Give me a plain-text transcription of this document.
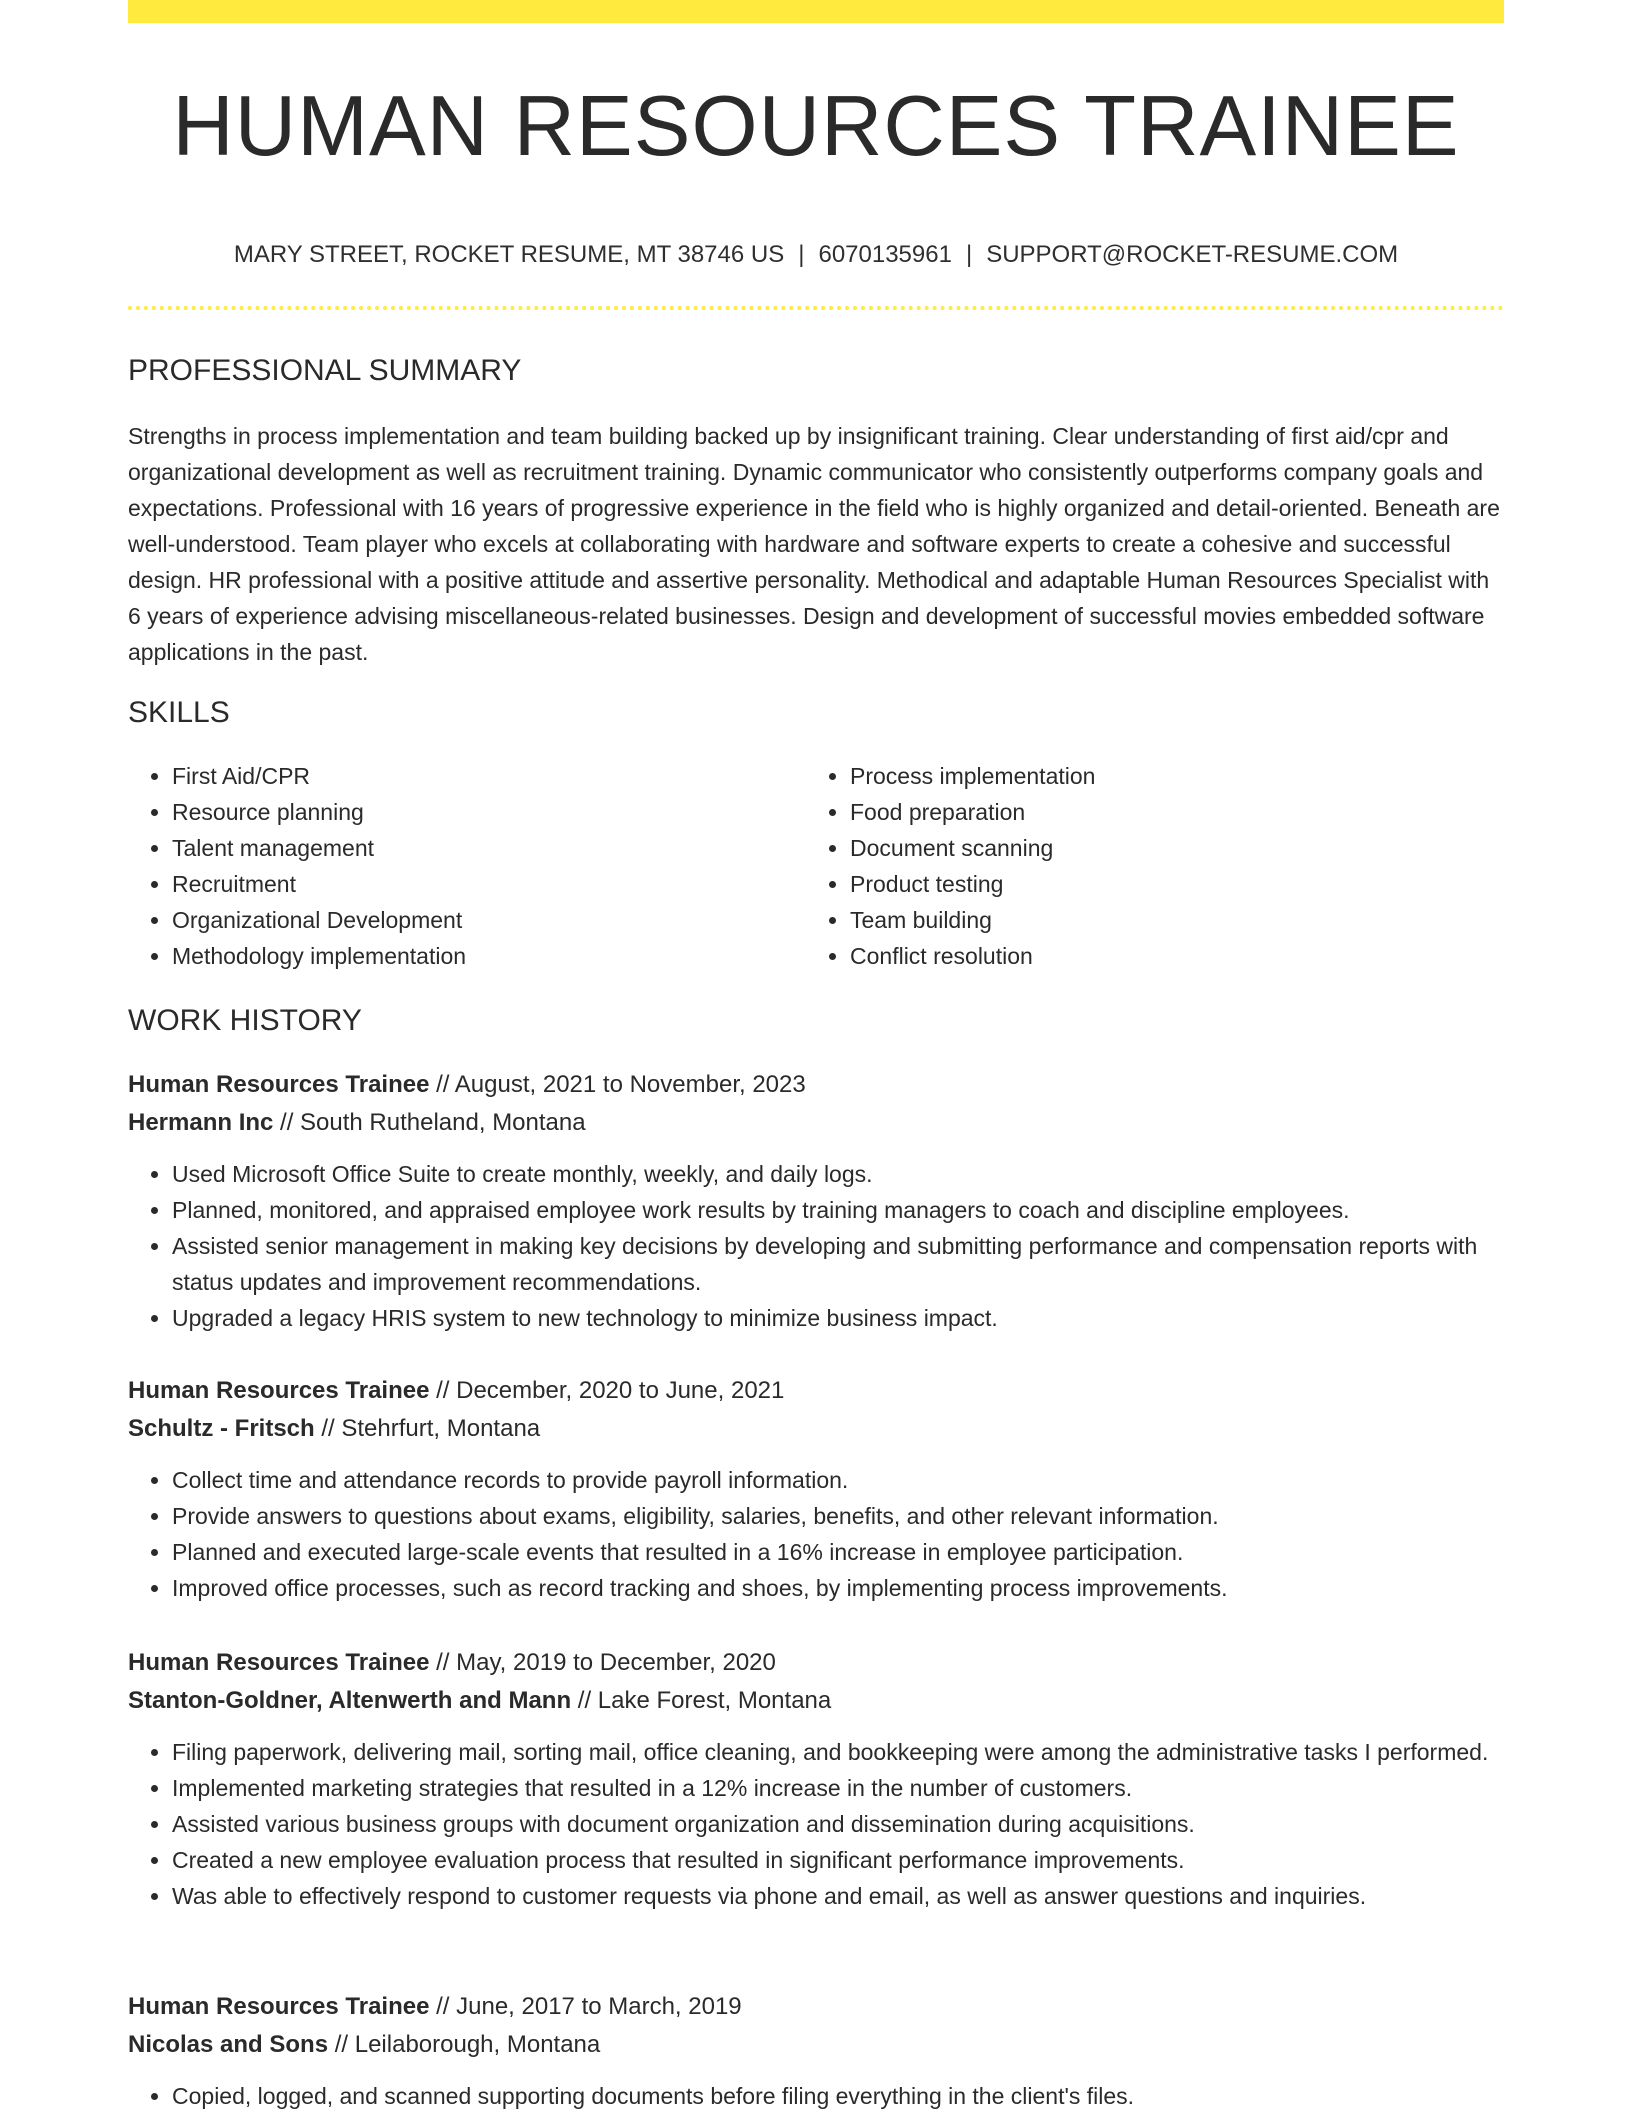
HUMAN RESOURCES TRAINEE
MARY STREET, ROCKET RESUME, MT 38746 US | 6070135961 | SUPPORT@ROCKET-RESUME.COM
PROFESSIONAL SUMMARY

Strengths in process implementation and team building backed up by insignificant training. Clear understanding of first aid/cpr and organizational development as well as recruitment training. Dynamic communicator who consistently outperforms company goals and expectations. Professional with 16 years of progressive experience in the field who is highly organized and detail-oriented. Beneath are well-understood. Team player who excels at collaborating with hardware and software experts to create a cohesive and successful design. HR professional with a positive attitude and assertive personality. Methodical and adaptable Human Resources Specialist with 6 years of experience advising miscellaneous-related businesses. Design and development of successful movies embedded software applications in the past.

SKILLS
• First Aid/CPR
• Resource planning
• Talent management
• Recruitment
• Organizational Development
• Methodology implementation
• Process implementation
• Food preparation
• Document scanning
• Product testing
• Team building
• Conflict resolution
WORK HISTORY

Human Resources Trainee // August, 2021 to November, 2023

Hermann Inc // South Rutheland, Montana

• Used Microsoft Office Suite to create monthly, weekly, and daily logs.
• Planned, monitored, and appraised employee work results by training managers to coach and discipline employees.
• Assisted senior management in making key decisions by developing and submitting performance and compensation reports with status updates and improvement recommendations.
• Upgraded a legacy HRIS system to new technology to minimize business impact.

Human Resources Trainee // December, 2020 to June, 2021

Schultz - Fritsch // Stehrfurt, Montana

• Collect time and attendance records to provide payroll information.
• Provide answers to questions about exams, eligibility, salaries, benefits, and other relevant information.
• Planned and executed large-scale events that resulted in a 16% increase in employee participation.
• Improved office processes, such as record tracking and shoes, by implementing process improvements.

Human Resources Trainee // May, 2019 to December, 2020

Stanton-Goldner, Altenwerth and Mann // Lake Forest, Montana

• Filing paperwork, delivering mail, sorting mail, office cleaning, and bookkeeping were among the administrative tasks I performed.
• Implemented marketing strategies that resulted in a 12% increase in the number of customers.
• Assisted various business groups with document organization and dissemination during acquisitions.
• Created a new employee evaluation process that resulted in significant performance improvements.
• Was able to effectively respond to customer requests via phone and email, as well as answer questions and inquiries.

Human Resources Trainee // June, 2017 to March, 2019

Nicolas and Sons // Leilaborough, Montana

• Copied, logged, and scanned supporting documents before filing everything in the client's files.
